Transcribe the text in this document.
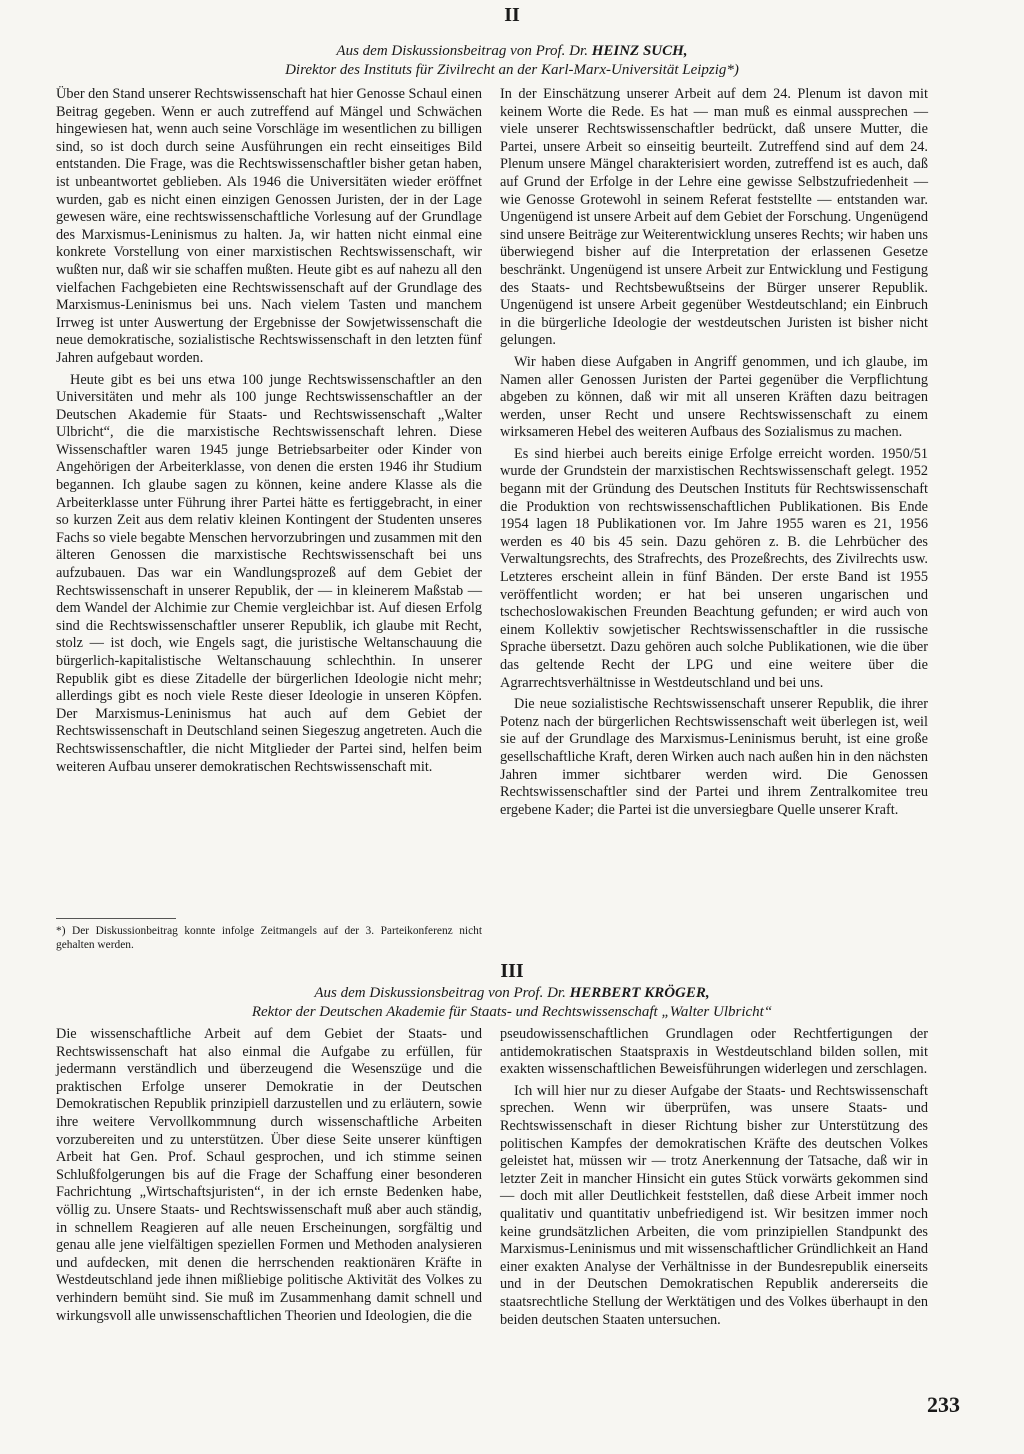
II
Aus dem Diskussionsbeitrag von Prof. Dr. HEINZ SUCH,
Direktor des Instituts für Zivilrecht an der Karl-Marx-Universität Leipzig*)

Über den Stand unserer Rechtswissenschaft hat hier Genosse Schaul einen Beitrag gegeben. Wenn er auch zutreffend auf Mängel und Schwächen hingewiesen hat, wenn auch seine Vorschläge im wesentlichen zu billigen sind, so ist doch durch seine Ausführungen ein recht einseitiges Bild entstanden. Die Frage, was die Rechtswissenschaftler bisher getan haben, ist unbeantwortet geblieben. Als 1946 die Universitäten wieder eröffnet wurden, gab es nicht einen einzigen Genossen Juristen, der in der Lage gewesen wäre, eine rechtswissenschaftliche Vorlesung auf der Grundlage des Marxismus-Leninismus zu halten. Ja, wir hatten nicht einmal eine konkrete Vorstellung von einer marxistischen Rechtswissenschaft, wir wußten nur, daß wir sie schaffen mußten. Heute gibt es auf nahezu all den vielfachen Fachgebieten eine Rechtswissenschaft auf der Grundlage des Marxismus-Leninismus bei uns. Nach vielem Tasten und manchem Irrweg ist unter Auswertung der Ergebnisse der Sowjetwissenschaft die neue demokratische, sozialistische Rechtswissenschaft in den letzten fünf Jahren aufgebaut worden.

Heute gibt es bei uns etwa 100 junge Rechtswissenschaftler an den Universitäten und mehr als 100 junge Rechtswissenschaftler an der Deutschen Akademie für Staats- und Rechtswissenschaft „Walter Ulbricht“, die die marxistische Rechtswissenschaft lehren. Diese Wissenschaftler waren 1945 junge Betriebsarbeiter oder Kinder von Angehörigen der Arbeiterklasse, von denen die ersten 1946 ihr Studium begannen. Ich glaube sagen zu können, keine andere Klasse als die Arbeiterklasse unter Führung ihrer Partei hätte es fertiggebracht, in einer so kurzen Zeit aus dem relativ kleinen Kontingent der Studenten unseres Fachs so viele begabte Menschen hervorzubringen und zusammen mit den älteren Genossen die marxistische Rechtswissenschaft bei uns aufzubauen. Das war ein Wandlungsprozeß auf dem Gebiet der Rechtswissenschaft in unserer Republik, der — in kleinerem Maßstab — dem Wandel der Alchimie zur Chemie vergleichbar ist. Auf diesen Erfolg sind die Rechtswissenschaftler unserer Republik, ich glaube mit Recht, stolz — ist doch, wie Engels sagt, die juristische Weltanschauung die bürgerlich-kapitalistische Weltanschauung schlechthin. In unserer Republik gibt es diese Zitadelle der bürgerlichen Ideologie nicht mehr; allerdings gibt es noch viele Reste dieser Ideologie in unseren Köpfen. Der Marxismus-Leninismus hat auch auf dem Gebiet der Rechtswissenschaft in Deutschland seinen Siegeszug angetreten. Auch die Rechtswissenschaftler, die nicht Mitglieder der Partei sind, helfen beim weiteren Aufbau unserer demokratischen Rechtswissenschaft mit.

*) Der Diskussionbeitrag konnte infolge Zeitmangels auf der 3. Parteikonferenz nicht gehalten werden.

In der Einschätzung unserer Arbeit auf dem 24. Plenum ist davon mit keinem Worte die Rede. Es hat — man muß es einmal aussprechen — viele unserer Rechtswissenschaftler bedrückt, daß unsere Mutter, die Partei, unsere Arbeit so einseitig beurteilt. Zutreffend sind auf dem 24. Plenum unsere Mängel charakterisiert worden, zutreffend ist es auch, daß auf Grund der Erfolge in der Lehre eine gewisse Selbstzufriedenheit — wie Genosse Grotewohl in seinem Referat feststellte — entstanden war. Ungenügend ist unsere Arbeit auf dem Gebiet der Forschung. Ungenügend sind unsere Beiträge zur Weiterentwicklung unseres Rechts; wir haben uns überwiegend bisher auf die Interpretation der erlassenen Gesetze beschränkt. Ungenügend ist unsere Arbeit zur Entwicklung und Festigung des Staats- und Rechtsbewußtseins der Bürger unserer Republik. Ungenügend ist unsere Arbeit gegenüber Westdeutschland; ein Einbruch in die bürgerliche Ideologie der westdeutschen Juristen ist bisher nicht gelungen.

Wir haben diese Aufgaben in Angriff genommen, und ich glaube, im Namen aller Genossen Juristen der Partei gegenüber die Verpflichtung abgeben zu können, daß wir mit all unseren Kräften dazu beitragen werden, unser Recht und unsere Rechtswissenschaft zu einem wirksameren Hebel des weiteren Aufbaus des Sozialismus zu machen.

Es sind hierbei auch bereits einige Erfolge erreicht worden. 1950/51 wurde der Grundstein der marxistischen Rechtswissenschaft gelegt. 1952 begann mit der Gründung des Deutschen Instituts für Rechtswissenschaft die Produktion von rechtswissenschaftlichen Publikationen. Bis Ende 1954 lagen 18 Publikationen vor. Im Jahre 1955 waren es 21, 1956 werden es 40 bis 45 sein. Dazu gehören z. B. die Lehrbücher des Verwaltungsrechts, des Strafrechts, des Prozeßrechts, des Zivilrechts usw. Letzteres erscheint allein in fünf Bänden. Der erste Band ist 1955 veröffentlicht worden; er hat bei unseren ungarischen und tschechoslowakischen Freunden Beachtung gefunden; er wird auch von einem Kollektiv sowjetischer Rechtswissenschaftler in die russische Sprache übersetzt. Dazu gehören auch solche Publikationen, wie die über das geltende Recht der LPG und eine weitere über die Agrarrechtsverhältnisse in Westdeutschland und bei uns.

Die neue sozialistische Rechtswissenschaft unserer Republik, die ihrer Potenz nach der bürgerlichen Rechtswissenschaft weit überlegen ist, weil sie auf der Grundlage des Marxismus-Leninismus beruht, ist eine große gesellschaftliche Kraft, deren Wirken auch nach außen hin in den nächsten Jahren immer sichtbarer werden wird. Die Genossen Rechtswissenschaftler sind der Partei und ihrem Zentralkomitee treu ergebene Kader; die Partei ist die unversiegbare Quelle unserer Kraft.

III
Aus dem Diskussionsbeitrag von Prof. Dr. HERBERT KRÖGER,
Rektor der Deutschen Akademie für Staats- und Rechtswissenschaft „Walter Ulbricht“

Die wissenschaftliche Arbeit auf dem Gebiet der Staats- und Rechtswissenschaft hat also einmal die Aufgabe zu erfüllen, für jedermann verständlich und überzeugend die Wesenszüge und die praktischen Erfolge unserer Demokratie in der Deutschen Demokratischen Republik prinzipiell darzustellen und zu erläutern, sowie ihre weitere Vervollkommnung durch wissenschaftliche Arbeiten vorzubereiten und zu unterstützen. Über diese Seite unserer künftigen Arbeit hat Gen. Prof. Schaul gesprochen, und ich stimme seinen Schlußfolgerungen bis auf die Frage der Schaffung einer besonderen Fachrichtung „Wirtschaftsjuristen“, in der ich ernste Bedenken habe, völlig zu. Unsere Staats- und Rechtswissenschaft muß aber auch ständig, in schnellem Reagieren auf alle neuen Erscheinungen, sorgfältig und genau alle jene vielfältigen speziellen Formen und Methoden analysieren und aufdecken, mit denen die herrschenden reaktionären Kräfte in Westdeutschland jede ihnen mißliebige politische Aktivität des Volkes zu verhindern bemüht sind. Sie muß im Zusammenhang damit schnell und wirkungsvoll alle unwissenschaftlichen Theorien und Ideologien, die die

pseudowissenschaftlichen Grundlagen oder Rechtfertigungen der antidemokratischen Staatspraxis in Westdeutschland bilden sollen, mit exakten wissenschaftlichen Beweisführungen widerlegen und zerschlagen.

Ich will hier nur zu dieser Aufgabe der Staats- und Rechtswissenschaft sprechen. Wenn wir überprüfen, was unsere Staats- und Rechtswissenschaft in dieser Richtung bisher zur Unterstützung des politischen Kampfes der demokratischen Kräfte des deutschen Volkes geleistet hat, müssen wir — trotz Anerkennung der Tatsache, daß wir in letzter Zeit in mancher Hinsicht ein gutes Stück vorwärts gekommen sind — doch mit aller Deutlichkeit feststellen, daß diese Arbeit immer noch qualitativ und quantitativ unbefriedigend ist. Wir besitzen immer noch keine grundsätzlichen Arbeiten, die vom prinzipiellen Standpunkt des Marxismus-Leninismus und mit wissenschaftlicher Gründlichkeit an Hand einer exakten Analyse der Verhältnisse in der Bundesrepublik einerseits und in der Deutschen Demokratischen Republik andererseits die staatsrechtliche Stellung der Werktätigen und des Volkes überhaupt in den beiden deutschen Staaten untersuchen.

233
